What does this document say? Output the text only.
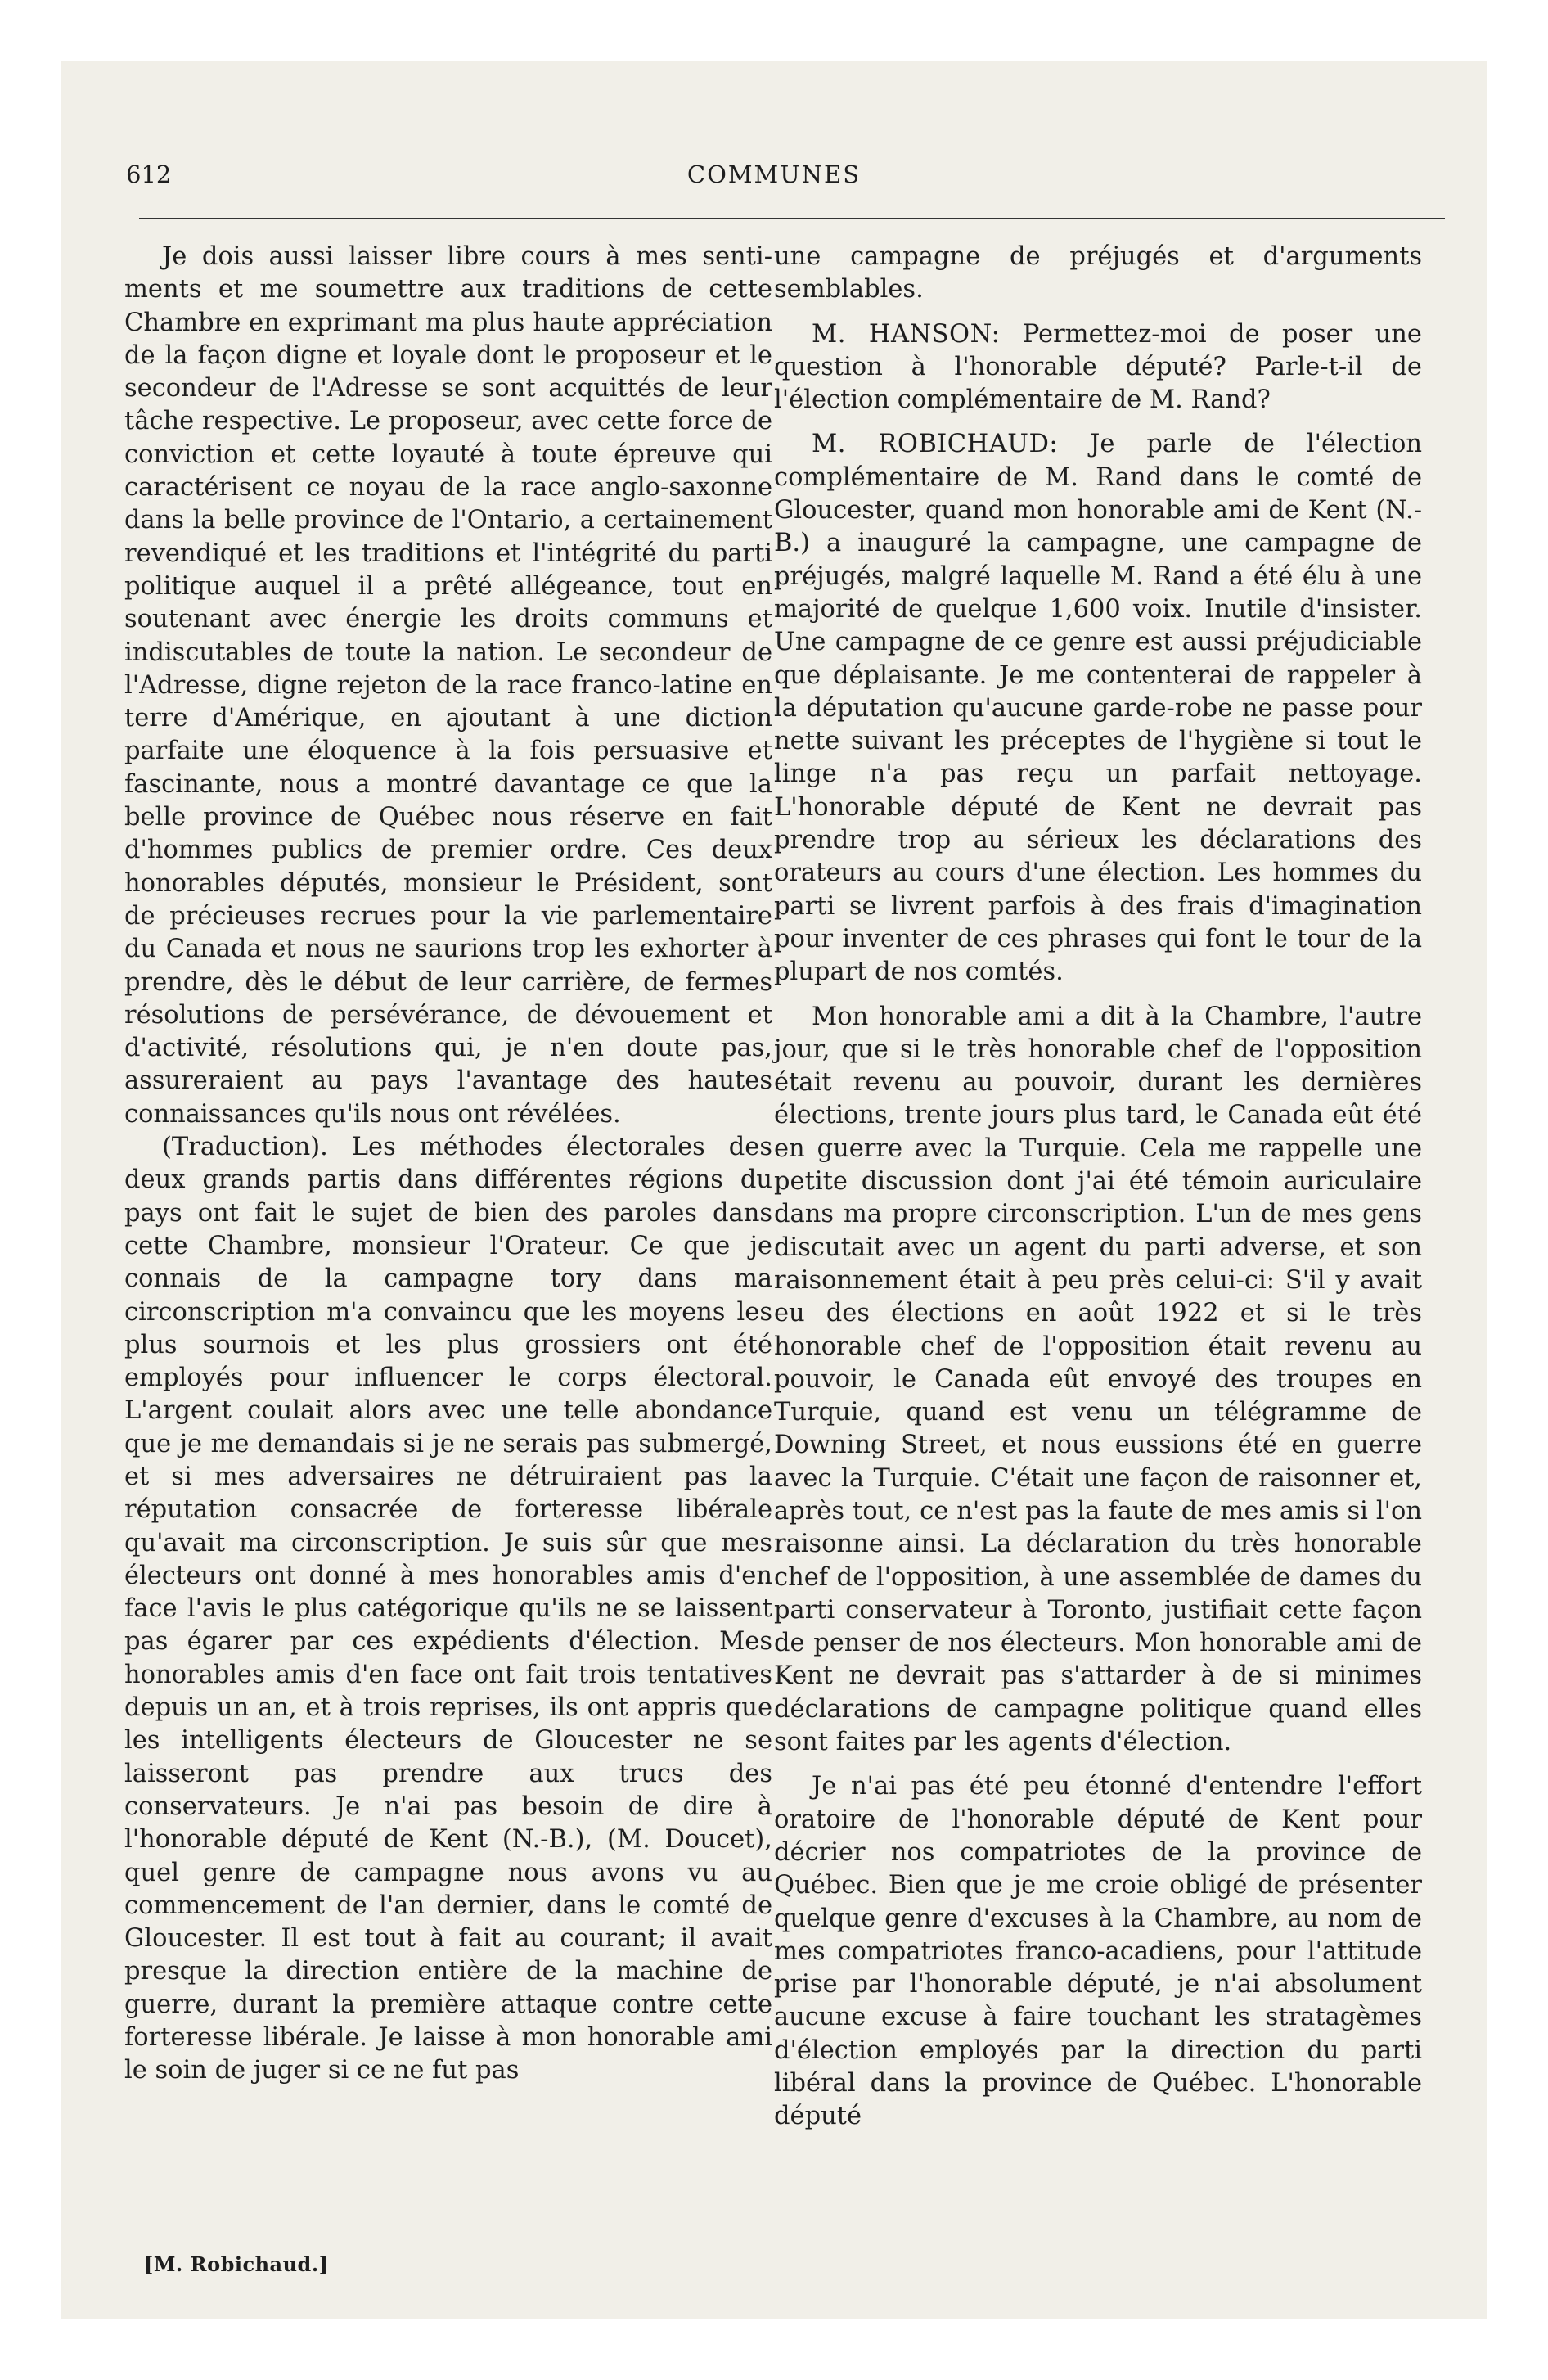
612	COMMUNES

Je dois aussi laisser libre cours à mes sentiments et me soumettre aux traditions de cette Chambre en exprimant ma plus haute appréciation de la façon digne et loyale dont le proposeur et le secondeur de l'Adresse se sont acquittés de leur tâche respective. Le proposeur, avec cette force de conviction et cette loyauté à toute épreuve qui caractérisent ce noyau de la race anglo-saxonne dans la belle province de l'Ontario, a certainement revendiqué et les traditions et l'intégrité du parti politique auquel il a prêté allégeance, tout en soutenant avec énergie les droits communs et indiscutables de toute la nation. Le secondeur de l'Adresse, digne rejeton de la race franco-latine en terre d'Amérique, en ajoutant à une diction parfaite une éloquence à la fois persuasive et fascinante, nous a montré davantage ce que la belle province de Québec nous réserve en fait d'hommes publics de premier ordre. Ces deux honorables députés, monsieur le Président, sont de précieuses recrues pour la vie parlementaire du Canada et nous ne saurions trop les exhorter à prendre, dès le début de leur carrière, de fermes résolutions de persévérance, de dévouement et d'activité, résolutions qui, je n'en doute pas, assureraient au pays l'avantage des hautes connaissances qu'ils nous ont révélées.

(Traduction). Les méthodes électorales des deux grands partis dans différentes régions du pays ont fait le sujet de bien des paroles dans cette Chambre, monsieur l'Orateur. Ce que je connais de la campagne tory dans ma circonscription m'a convaincu que les moyens les plus sournois et les plus grossiers ont été employés pour influencer le corps électoral. L'argent coulait alors avec une telle abondance que je me demandais si je ne serais pas submergé, et si mes adversaires ne détruiraient pas la réputation consacrée de forteresse libérale qu'avait ma circonscription. Je suis sûr que mes électeurs ont donné à mes honorables amis d'en face l'avis le plus catégorique qu'ils ne se laissent pas égarer par ces expédients d'élection. Mes honorables amis d'en face ont fait trois tentatives depuis un an, et à trois reprises, ils ont appris que les intelligents électeurs de Gloucester ne se laisseront pas prendre aux trucs des conservateurs. Je n'ai pas besoin de dire à l'honorable député de Kent (N.-B.), (M. Doucet), quel genre de campagne nous avons vu au commencement de l'an dernier, dans le comté de Gloucester. Il est tout à fait au courant; il avait presque la direction entière de la machine de guerre, durant la première attaque contre cette forteresse libérale. Je laisse à mon honorable ami le soin de juger si ce ne fut pas

une campagne de préjugés et d'arguments semblables.

M. HANSON: Permettez-moi de poser une question à l'honorable député? Parle-t-il de l'élection complémentaire de M. Rand?

M. ROBICHAUD: Je parle de l'élection complémentaire de M. Rand dans le comté de Gloucester, quand mon honorable ami de Kent (N.-B.) a inauguré la campagne, une campagne de préjugés, malgré laquelle M. Rand a été élu à une majorité de quelque 1,600 voix. Inutile d'insister. Une campagne de ce genre est aussi préjudiciable que déplaisante. Je me contenterai de rappeler à la députation qu'aucune garde-robe ne passe pour nette suivant les préceptes de l'hygiène si tout le linge n'a pas reçu un parfait nettoyage. L'honorable député de Kent ne devrait pas prendre trop au sérieux les déclarations des orateurs au cours d'une élection. Les hommes du parti se livrent parfois à des frais d'imagination pour inventer de ces phrases qui font le tour de la plupart de nos comtés.

Mon honorable ami a dit à la Chambre, l'autre jour, que si le très honorable chef de l'opposition était revenu au pouvoir, durant les dernières élections, trente jours plus tard, le Canada eût été en guerre avec la Turquie. Cela me rappelle une petite discussion dont j'ai été témoin auriculaire dans ma propre circonscription. L'un de mes gens discutait avec un agent du parti adverse, et son raisonnement était à peu près celui-ci: S'il y avait eu des élections en août 1922 et si le très honorable chef de l'opposition était revenu au pouvoir, le Canada eût envoyé des troupes en Turquie, quand est venu un télégramme de Downing Street, et nous eussions été en guerre avec la Turquie. C'était une façon de raisonner et, après tout, ce n'est pas la faute de mes amis si l'on raisonne ainsi. La déclaration du très honorable chef de l'opposition, à une assemblée de dames du parti conservateur à Toronto, justifiait cette façon de penser de nos électeurs. Mon honorable ami de Kent ne devrait pas s'attarder à de si minimes déclarations de campagne politique quand elles sont faites par les agents d'élection.

Je n'ai pas été peu étonné d'entendre l'effort oratoire de l'honorable député de Kent pour décrier nos compatriotes de la province de Québec. Bien que je me croie obligé de présenter quelque genre d'excuses à la Chambre, au nom de mes compatriotes franco-acadiens, pour l'attitude prise par l'honorable député, je n'ai absolument aucune excuse à faire touchant les stratagèmes d'élection employés par la direction du parti libéral dans la province de Québec. L'honorable député

[M. Robichaud.]
